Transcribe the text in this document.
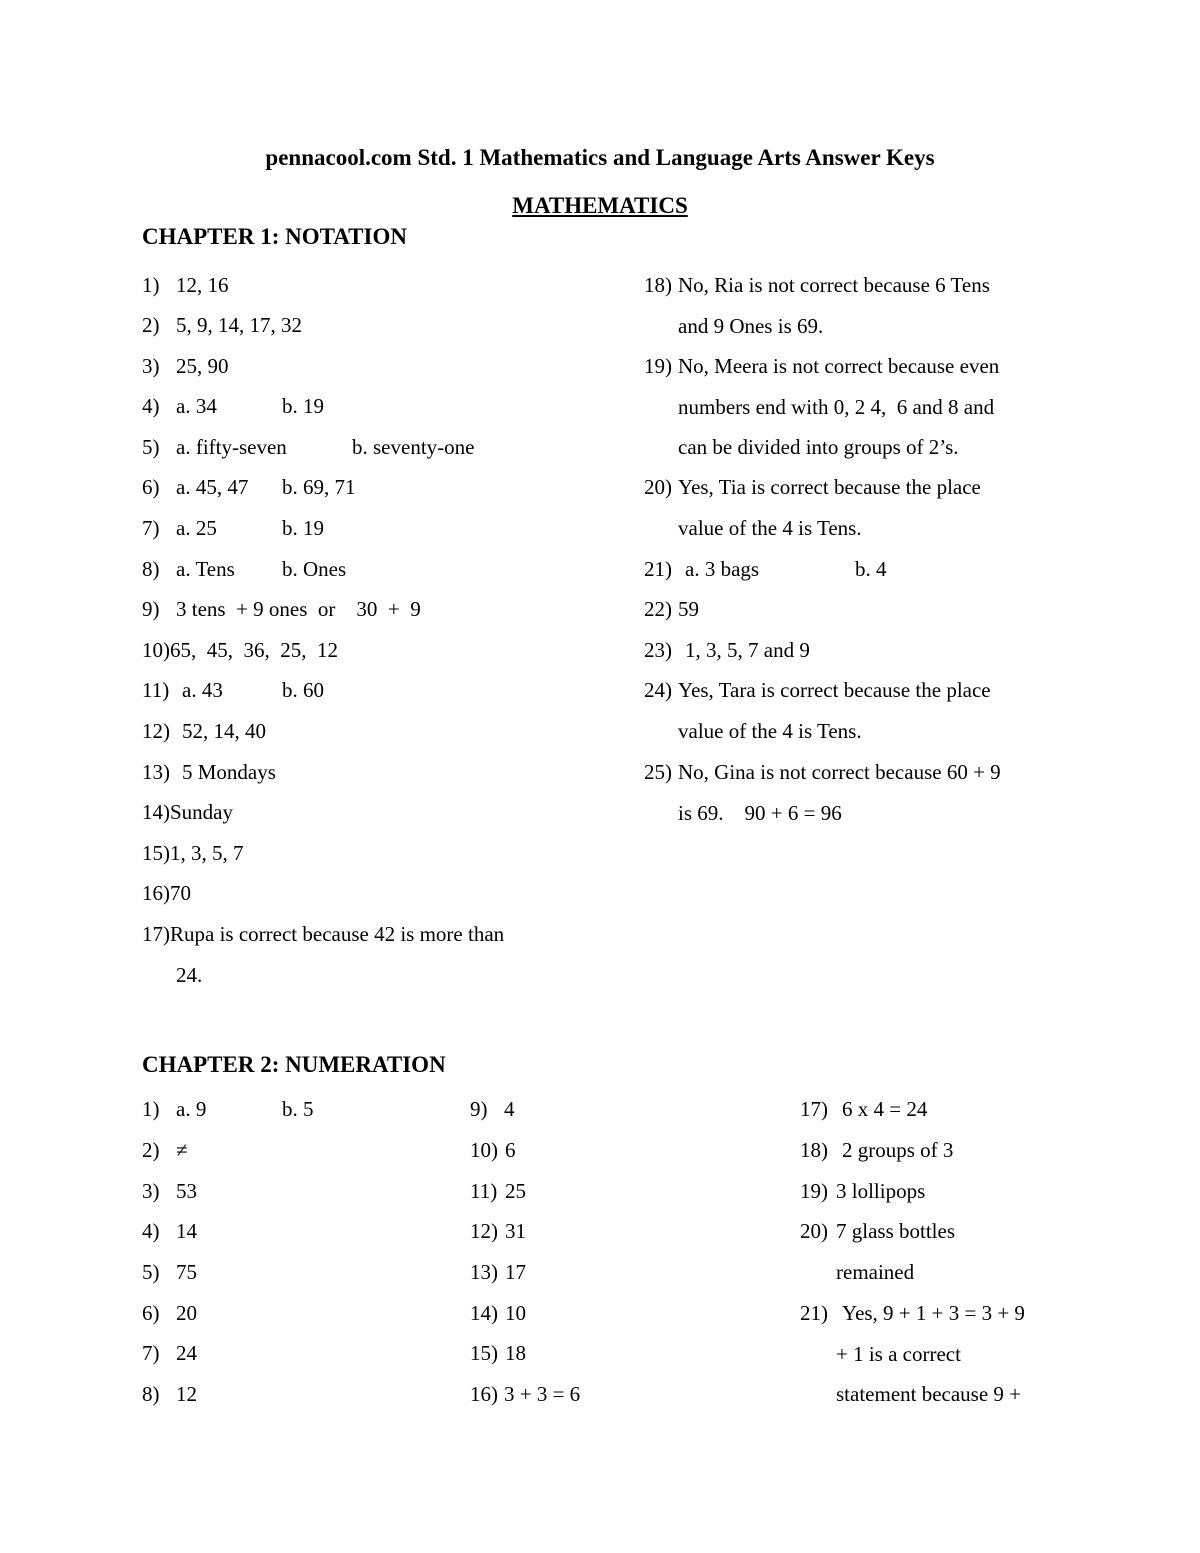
pennacool.com Std. 1 Mathematics and Language Arts Answer Keys
MATHEMATICS
CHAPTER 1: NOTATION
1) 12, 16
2) 5, 9, 14, 17, 32
3) 25, 90
4) a. 34	b. 19
5) a. fifty-seven	b. seventy-one
6) a. 45, 47 b. 69, 71
7) a. 25	b. 19
8) a. Tens b. Ones
9) 3 tens  + 9 ones  or    30  +  9
10) 65,  45,  36,  25,  12
11) a. 43	b. 60
12) 52, 14, 40
13) 5 Mondays
14) Sunday
15) 1, 3, 5, 7
16) 70
17) Rupa is correct because 42 is more than
24.
18) No, Ria is not correct because 6 Tens
and 9 Ones is 69.
19) No, Meera is not correct because even
numbers end with 0, 2 4,  6 and 8 and
can be divided into groups of 2’s.
20) Yes, Tia is correct because the place
value of the 4 is Tens.
21) a. 3 bags	b. 4
22) 59
23) 1, 3, 5, 7 and 9
24) Yes, Tara is correct because the place
value of the 4 is Tens.
25) No, Gina is not correct because 60 + 9
is 69.    90 + 6 = 96
CHAPTER 2: NUMERATION
1) a. 9	b. 5
2) ≠
3) 53
4) 14
5) 75
6) 20
7) 24
8) 12
9) 4
10) 6
11) 25
12) 31
13) 17
14) 10
15) 18
16) 3 + 3 = 6
17) 6 x 4 = 24
18) 2 groups of 3
19) 3 lollipops
20) 7 glass bottles
remained
21) Yes, 9 + 1 + 3 = 3 + 9
+ 1 is a correct
statement because 9 +
